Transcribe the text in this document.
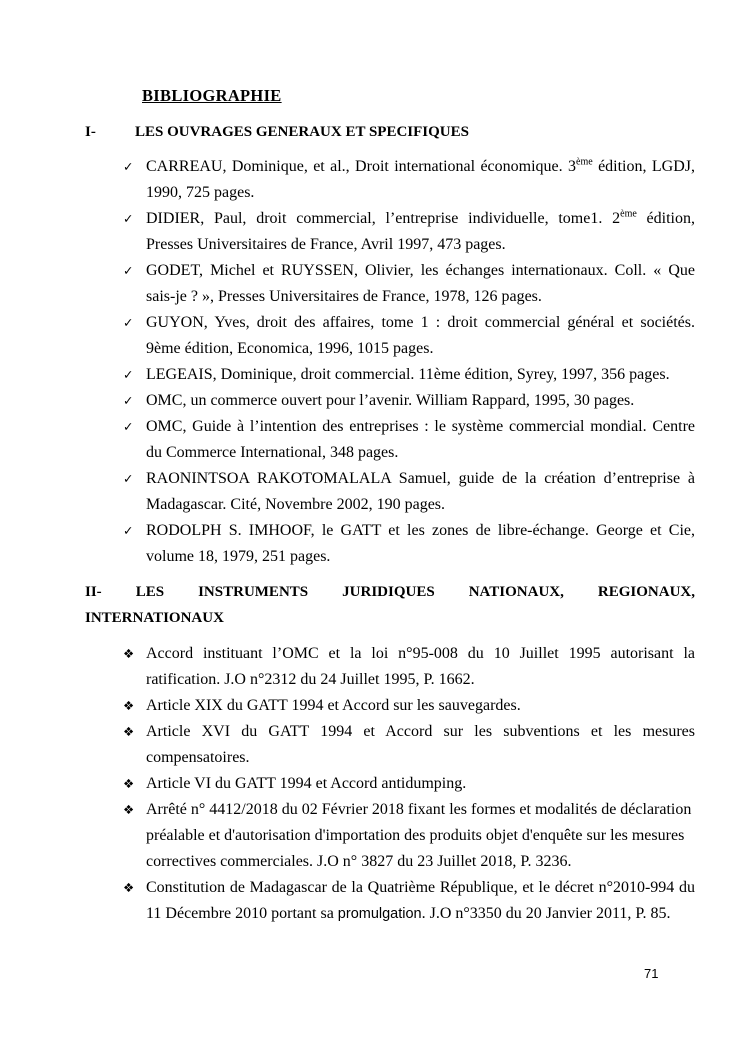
BIBLIOGRAPHIE
I-	LES OUVRAGES GENERAUX ET SPECIFIQUES
✓ CARREAU, Dominique, et al., Droit international économique. 3ème édition, LGDJ, 1990, 725 pages.
✓ DIDIER, Paul, droit commercial, l’entreprise individuelle, tome1. 2ème édition, Presses Universitaires de France, Avril 1997, 473 pages.
✓ GODET, Michel et RUYSSEN, Olivier, les échanges internationaux. Coll. « Que sais-je ? », Presses Universitaires de France, 1978, 126 pages.
✓ GUYON, Yves, droit des affaires, tome 1 : droit commercial général et sociétés. 9ème édition, Economica, 1996, 1015 pages.
✓ LEGEAIS, Dominique, droit commercial. 11ème édition, Syrey, 1997, 356 pages.
✓ OMC, un commerce ouvert pour l’avenir. William Rappard, 1995, 30 pages.
✓ OMC, Guide à l’intention des entreprises : le système commercial mondial. Centre du Commerce International, 348 pages.
✓ RAONINTSOA RAKOTOMALALA Samuel, guide de la création d’entreprise à Madagascar. Cité, Novembre 2002, 190 pages.
✓ RODOLPH S. IMHOOF, le GATT et les zones de libre-échange. George et Cie, volume 18, 1979, 251 pages.
II- LES INSTRUMENTS JURIDIQUES NATIONAUX, REGIONAUX,
INTERNATIONAUX
❖ Accord instituant l’OMC et la loi n°95-008 du 10 Juillet 1995 autorisant la ratification. J.O n°2312 du 24 Juillet 1995, P. 1662.
❖ Article XIX du GATT 1994 et Accord sur les sauvegardes.
❖ Article XVI du GATT 1994 et Accord sur les subventions et les mesures compensatoires.
❖ Article VI du GATT 1994 et Accord antidumping.
❖ Arrêté n° 4412/2018 du 02 Février 2018 fixant les formes et modalités de déclaration préalable et d'autorisation d'importation des produits objet d'enquête sur les mesures correctives commerciales. J.O n° 3827 du 23 Juillet 2018, P. 3236.
❖ Constitution de Madagascar de la Quatrième République, et le décret n°2010-994 du 11 Décembre 2010 portant sa promulgation. J.O n°3350 du 20 Janvier 2011, P. 85.
71
